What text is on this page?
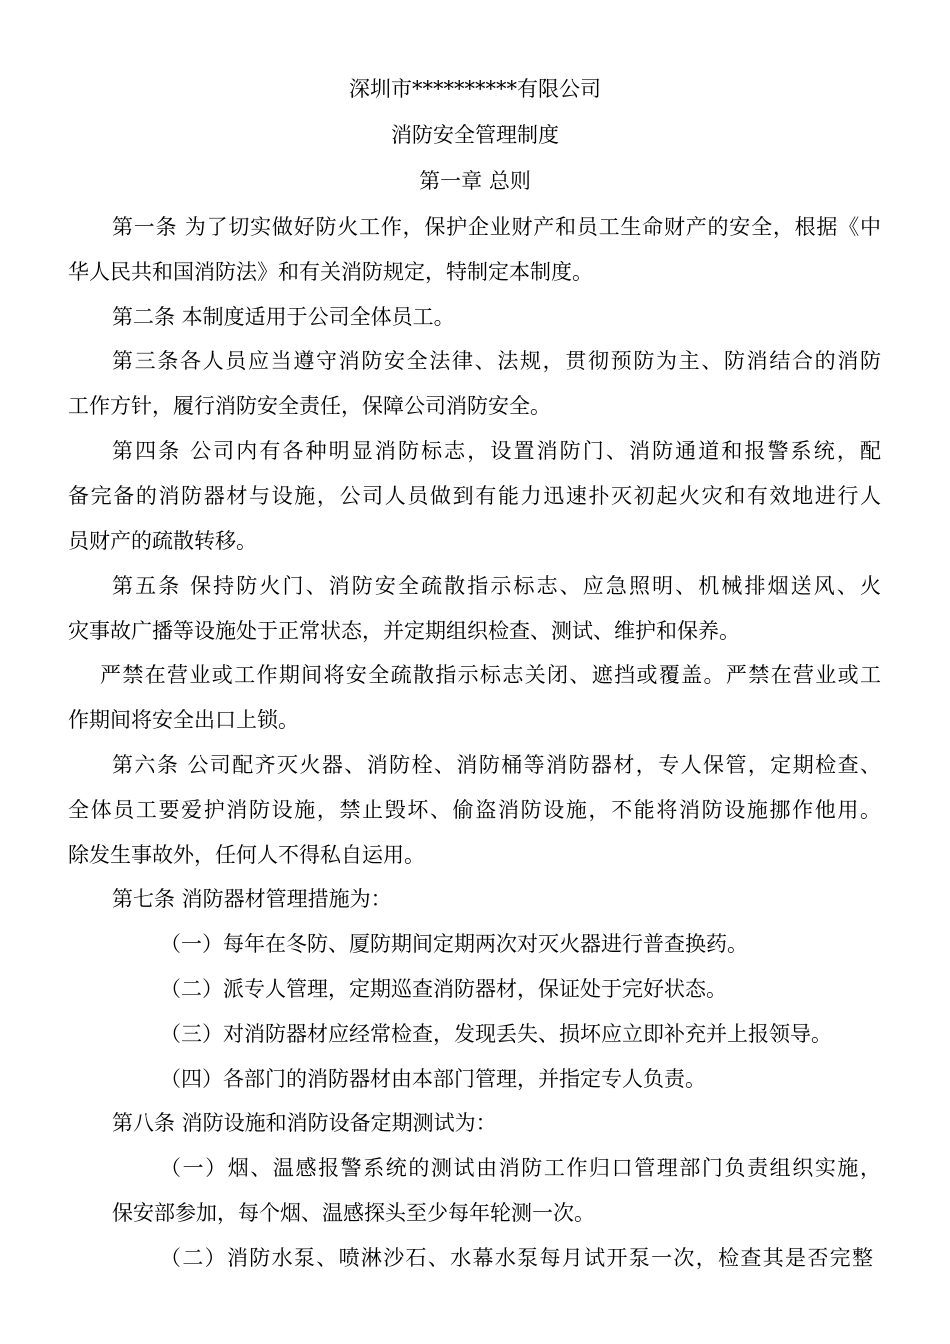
深圳市**********有限公司
消防安全管理制度
第一章 总则
第一条 为了切实做好防火工作，保护企业财产和员工生命财产的安全，根据《中
华人民共和国消防法》和有关消防规定，特制定本制度。
第二条 本制度适用于公司全体员工。
第三条各人员应当遵守消防安全法律、法规，贯彻预防为主、防消结合的消防
工作方针，履行消防安全责任，保障公司消防安全。
第四条 公司内有各种明显消防标志，设置消防门、消防通道和报警系统，配
备完备的消防器材与设施，公司人员做到有能力迅速扑灭初起火灾和有效地进行人
员财产的疏散转移。
第五条 保持防火门、消防安全疏散指示标志、应急照明、机械排烟送风、火
灾事故广播等设施处于正常状态，并定期组织检查、测试、维护和保养。
严禁在营业或工作期间将安全疏散指示标志关闭、遮挡或覆盖。严禁在营业或工
作期间将安全出口上锁。
第六条 公司配齐灭火器、消防栓、消防桶等消防器材，专人保管，定期检查、
全体员工要爱护消防设施，禁止毁坏、偷盗消防设施，不能将消防设施挪作他用。
除发生事故外，任何人不得私自运用。
第七条 消防器材管理措施为：
（一）每年在冬防、厦防期间定期两次对灭火器进行普查换药。
（二）派专人管理，定期巡查消防器材，保证处于完好状态。
（三）对消防器材应经常检查，发现丢失、损坏应立即补充并上报领导。
（四）各部门的消防器材由本部门管理，并指定专人负责。
第八条 消防设施和消防设备定期测试为：
（一）烟、温感报警系统的测试由消防工作归口管理部门负责组织实施，
保安部参加，每个烟、温感探头至少每年轮测一次。
（二）消防水泵、喷淋沙石、水幕水泵每月试开泵一次，检查其是否完整
